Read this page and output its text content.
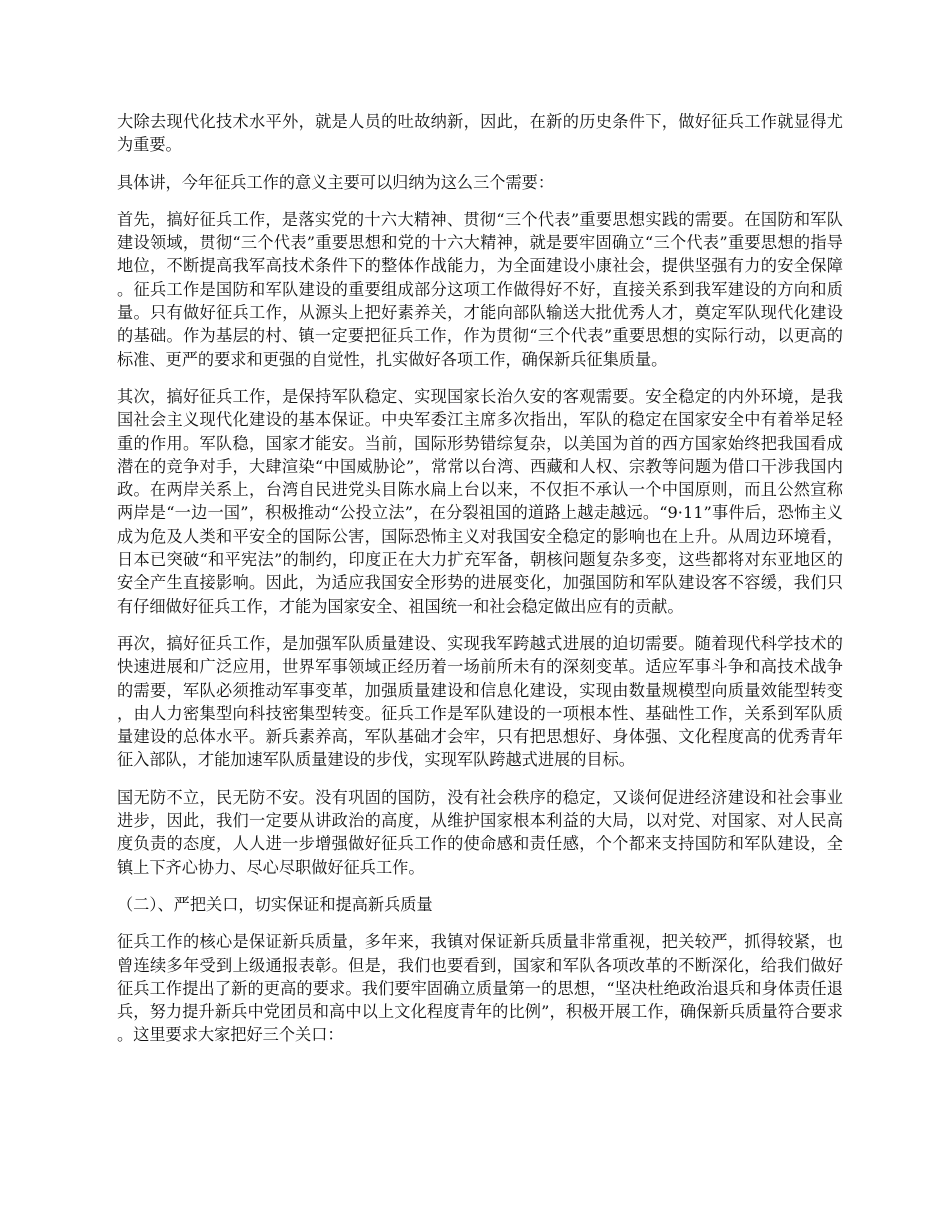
大除去现代化技术水平外，就是人员的吐故纳新，因此，在新的历史条件下，做好征兵工作就显得尤为重要。

具体讲，今年征兵工作的意义主要可以归纳为这么三个需要：

首先，搞好征兵工作，是落实党的十六大精神、贯彻“三个代表”重要思想实践的需要。在国防和军队建设领域，贯彻“三个代表”重要思想和党的十六大精神，就是要牢固确立“三个代表”重要思想的指导地位，不断提高我军高技术条件下的整体作战能力，为全面建设小康社会，提供坚强有力的安全保障。征兵工作是国防和军队建设的重要组成部分这项工作做得好不好，直接关系到我军建设的方向和质量。只有做好征兵工作，从源头上把好素养关，才能向部队输送大批优秀人才，奠定军队现代化建设的基础。作为基层的村、镇一定要把征兵工作，作为贯彻“三个代表”重要思想的实际行动，以更高的标准、更严的要求和更强的自觉性，扎实做好各项工作，确保新兵征集质量。

其次，搞好征兵工作，是保持军队稳定、实现国家长治久安的客观需要。安全稳定的内外环境，是我国社会主义现代化建设的基本保证。中央军委江主席多次指出，军队的稳定在国家安全中有着举足轻重的作用。军队稳，国家才能安。当前，国际形势错综复杂，以美国为首的西方国家始终把我国看成潜在的竞争对手，大肆渲染“中国威胁论”，常常以台湾、西藏和人权、宗教等问题为借口干涉我国内政。在两岸关系上，台湾自民进党头目陈水扁上台以来，不仅拒不承认一个中国原则，而且公然宣称两岸是“一边一国”，积极推动“公投立法”，在分裂祖国的道路上越走越远。“9·11”事件后，恐怖主义成为危及人类和平安全的国际公害，国际恐怖主义对我国安全稳定的影响也在上升。从周边环境看，日本已突破“和平宪法”的制约，印度正在大力扩充军备，朝核问题复杂多变，这些都将对东亚地区的安全产生直接影响。因此，为适应我国安全形势的进展变化，加强国防和军队建设客不容缓，我们只有仔细做好征兵工作，才能为国家安全、祖国统一和社会稳定做出应有的贡献。

再次，搞好征兵工作，是加强军队质量建设、实现我军跨越式进展的迫切需要。随着现代科学技术的快速进展和广泛应用，世界军事领域正经历着一场前所未有的深刻变革。适应军事斗争和高技术战争的需要，军队必须推动军事变革，加强质量建设和信息化建设，实现由数量规模型向质量效能型转变，由人力密集型向科技密集型转变。征兵工作是军队建设的一项根本性、基础性工作，关系到军队质量建设的总体水平。新兵素养高，军队基础才会牢，只有把思想好、身体强、文化程度高的优秀青年征入部队，才能加速军队质量建设的步伐，实现军队跨越式进展的目标。

国无防不立，民无防不安。没有巩固的国防，没有社会秩序的稳定，又谈何促进经济建设和社会事业进步，因此，我们一定要从讲政治的高度，从维护国家根本利益的大局，以对党、对国家、对人民高度负责的态度，人人进一步增强做好征兵工作的使命感和责任感，个个都来支持国防和军队建设，全镇上下齐心协力、尽心尽职做好征兵工作。

（二）、严把关口，切实保证和提高新兵质量

征兵工作的核心是保证新兵质量，多年来，我镇对保证新兵质量非常重视，把关较严，抓得较紧，也曾连续多年受到上级通报表彰。但是，我们也要看到，国家和军队各项改革的不断深化，给我们做好征兵工作提出了新的更高的要求。我们要牢固确立质量第一的思想，“坚决杜绝政治退兵和身体责任退兵，努力提升新兵中党团员和高中以上文化程度青年的比例”，积极开展工作，确保新兵质量符合要求。这里要求大家把好三个关口：
